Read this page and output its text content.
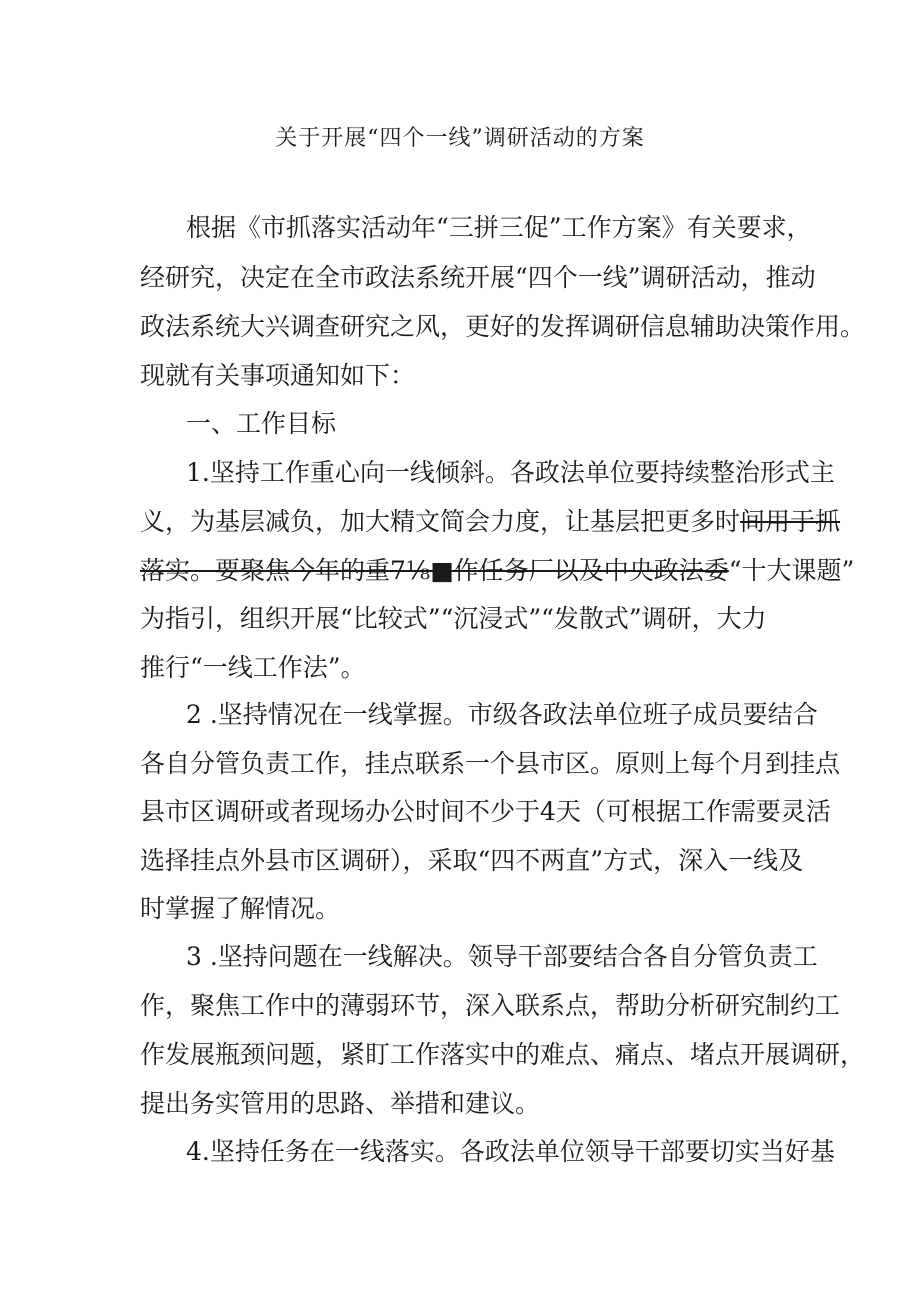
关于开展“四个一线”调研活动的方案
根据《市抓落实活动年“三拼三促”工作方案》有关要求，
经研究，决定在全市政法系统开展“四个一线”调研活动，推动
政法系统大兴调查研究之风，更好的发挥调研信息辅助决策作用。
现就有关事项通知如下：
一、工作目标
1.坚持工作重心向一线倾斜。各政法单位要持续整治形式主
义，为基层减负，加大精文简会力度，让基层把更多时间用于抓
落实。要聚焦今年的重7⅛■作任务厂以及中央政法委“十大课题”
为指引，组织开展“比较式”“沉浸式”“发散式”调研，大力
推行“一线工作法”。
2 .坚持情况在一线掌握。市级各政法单位班子成员要结合
各自分管负责工作，挂点联系一个县市区。原则上每个月到挂点
县市区调研或者现场办公时间不少于4天（可根据工作需要灵活
选择挂点外县市区调研），采取“四不两直”方式，深入一线及
时掌握了解情况。
3 .坚持问题在一线解决。领导干部要结合各自分管负责工
作，聚焦工作中的薄弱环节，深入联系点，帮助分析研究制约工
作发展瓶颈问题，紧盯工作落实中的难点、痛点、堵点开展调研，
提出务实管用的思路、举措和建议。
4.坚持任务在一线落实。各政法单位领导干部要切实当好基
